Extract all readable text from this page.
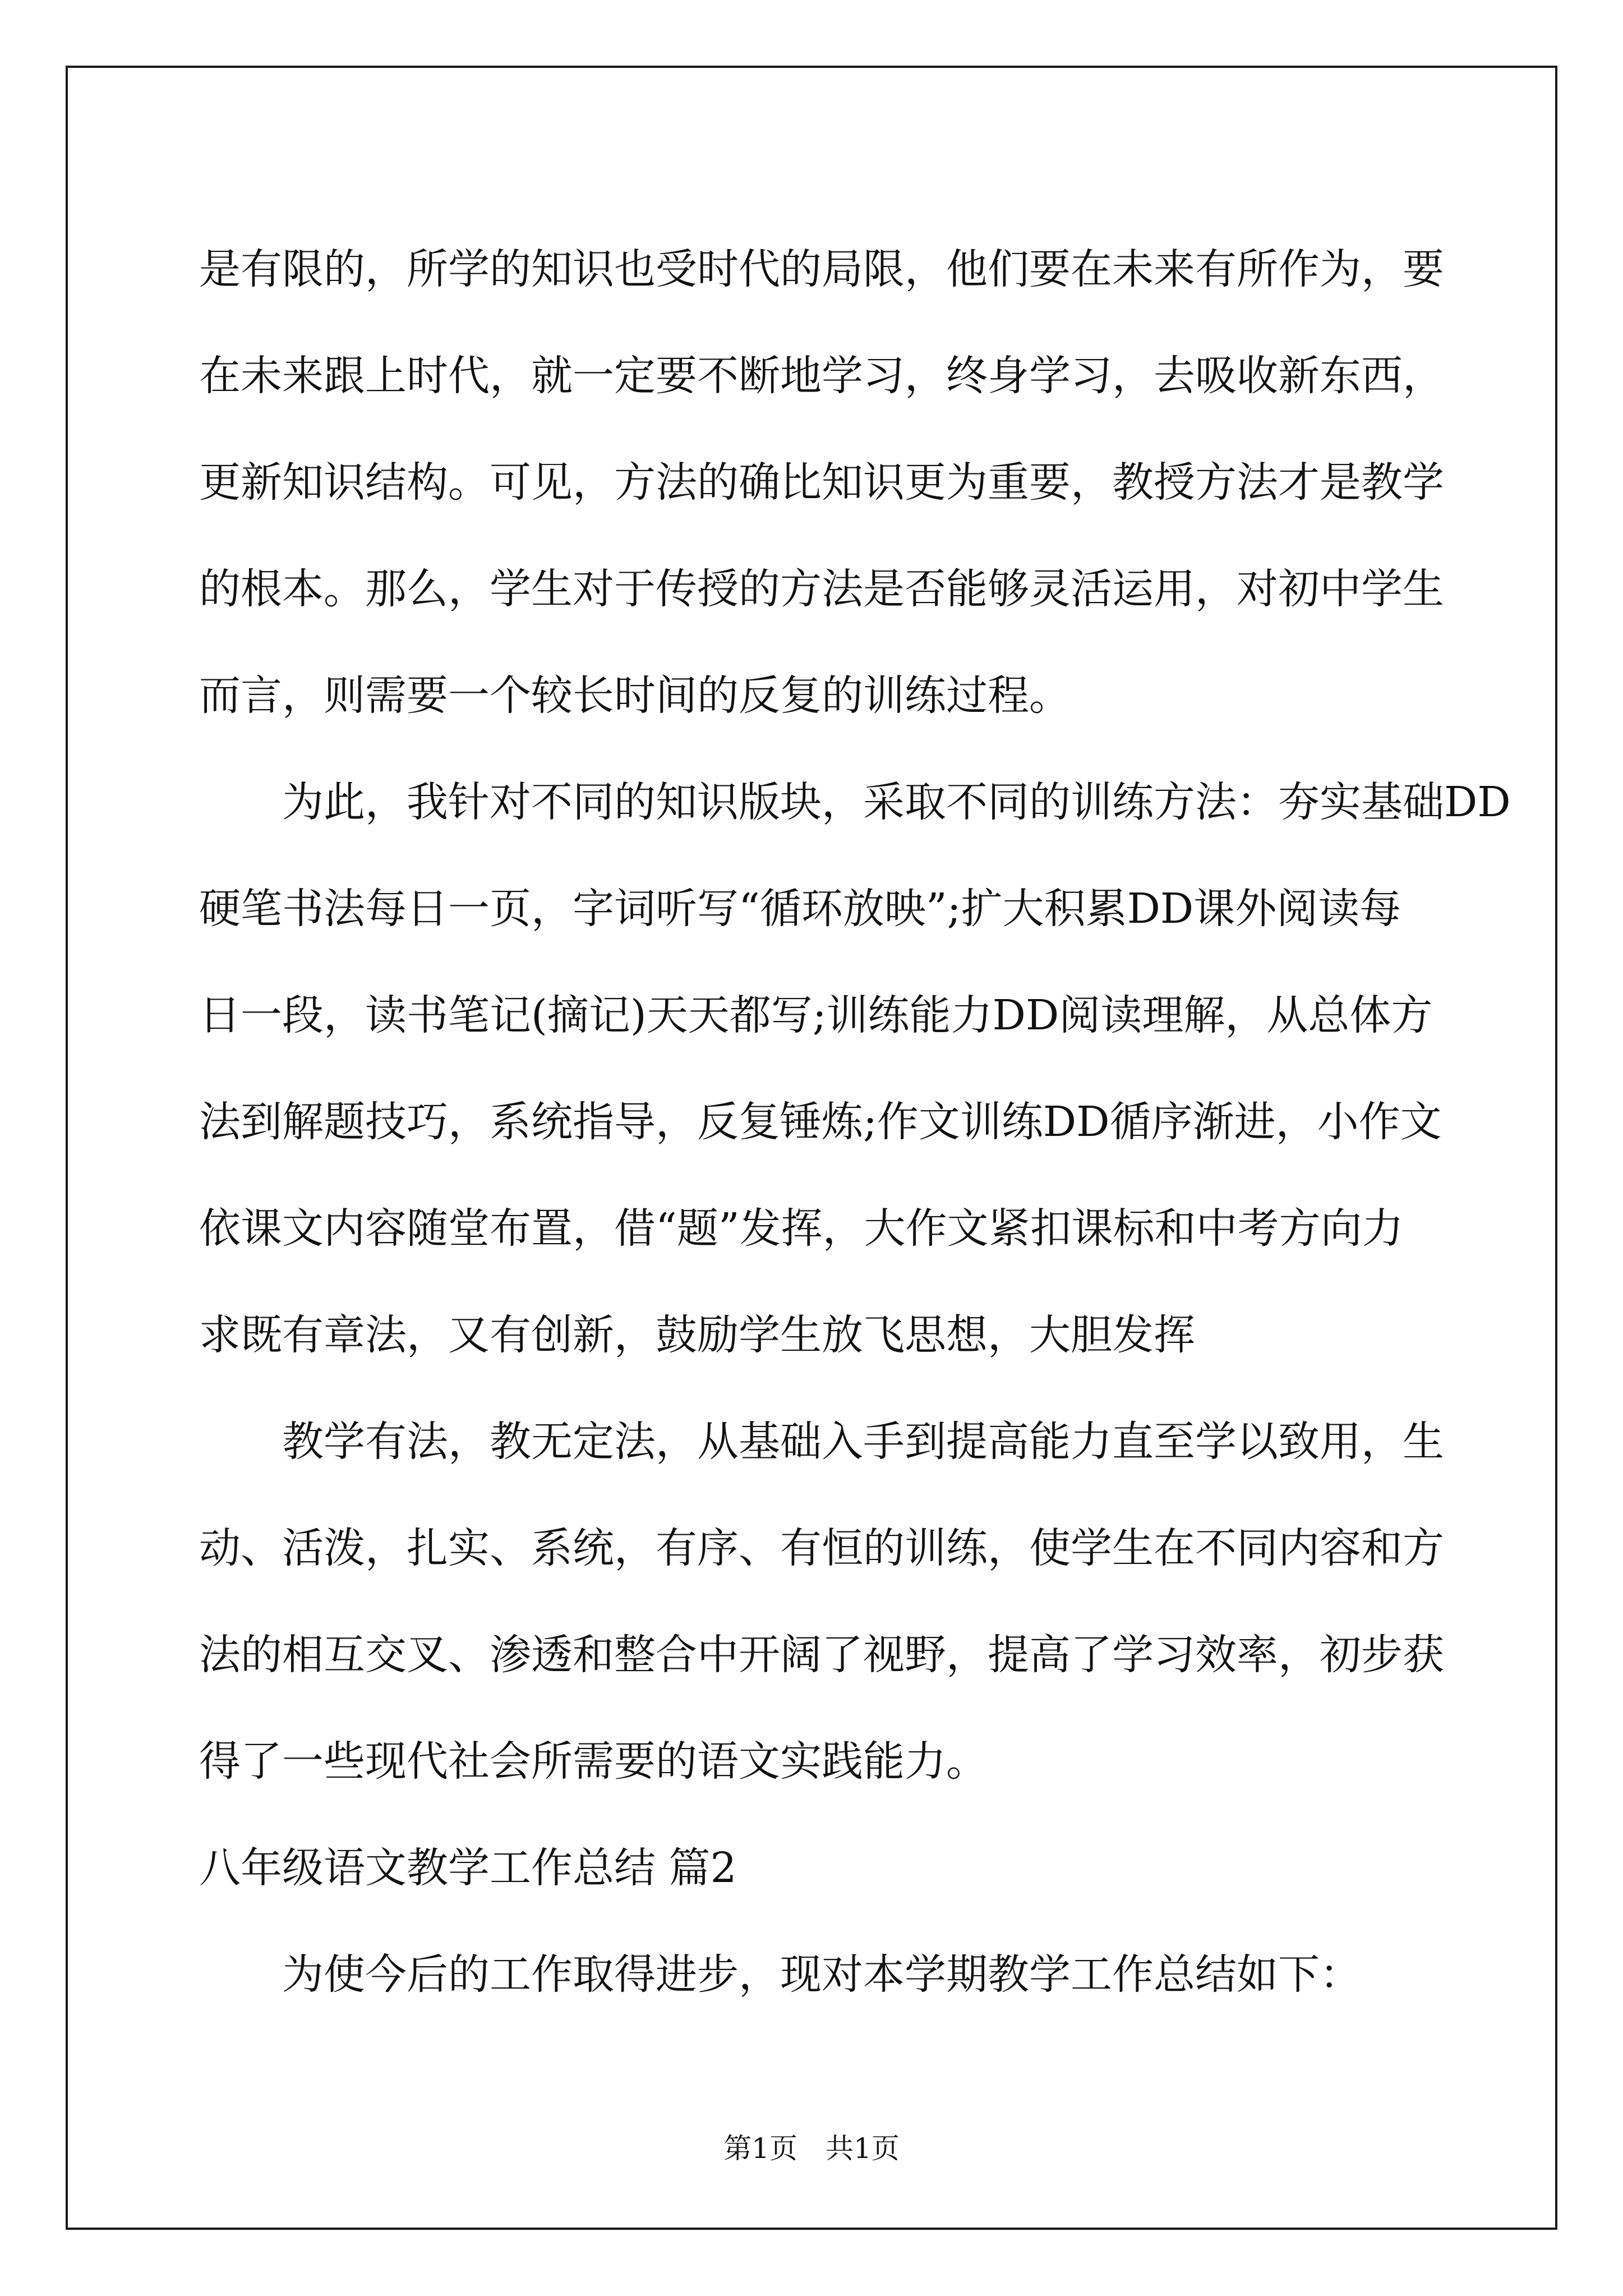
是有限的，所学的知识也受时代的局限，他们要在未来有所作为，要
在未来跟上时代，就一定要不断地学习，终身学习，去吸收新东西，
更新知识结构。可见，方法的确比知识更为重要，教授方法才是教学
的根本。那么，学生对于传授的方法是否能够灵活运用，对初中学生
而言，则需要一个较长时间的反复的训练过程。
为此，我针对不同的知识版块，采取不同的训练方法：夯实基础DD
硬笔书法每日一页，字词听写“循环放映”;扩大积累DD课外阅读每
日一段，读书笔记(摘记)天天都写;训练能力DD阅读理解，从总体方
法到解题技巧，系统指导，反复锤炼;作文训练DD循序渐进，小作文
依课文内容随堂布置，借“题”发挥，大作文紧扣课标和中考方向力
求既有章法，又有创新，鼓励学生放飞思想，大胆发挥
教学有法，教无定法，从基础入手到提高能力直至学以致用，生
动、活泼，扎实、系统，有序、有恒的训练，使学生在不同内容和方
法的相互交叉、渗透和整合中开阔了视野，提高了学习效率，初步获
得了一些现代社会所需要的语文实践能力。
八年级语文教学工作总结 篇2
为使今后的工作取得进步，现对本学期教学工作总结如下：
第1页　共1页
